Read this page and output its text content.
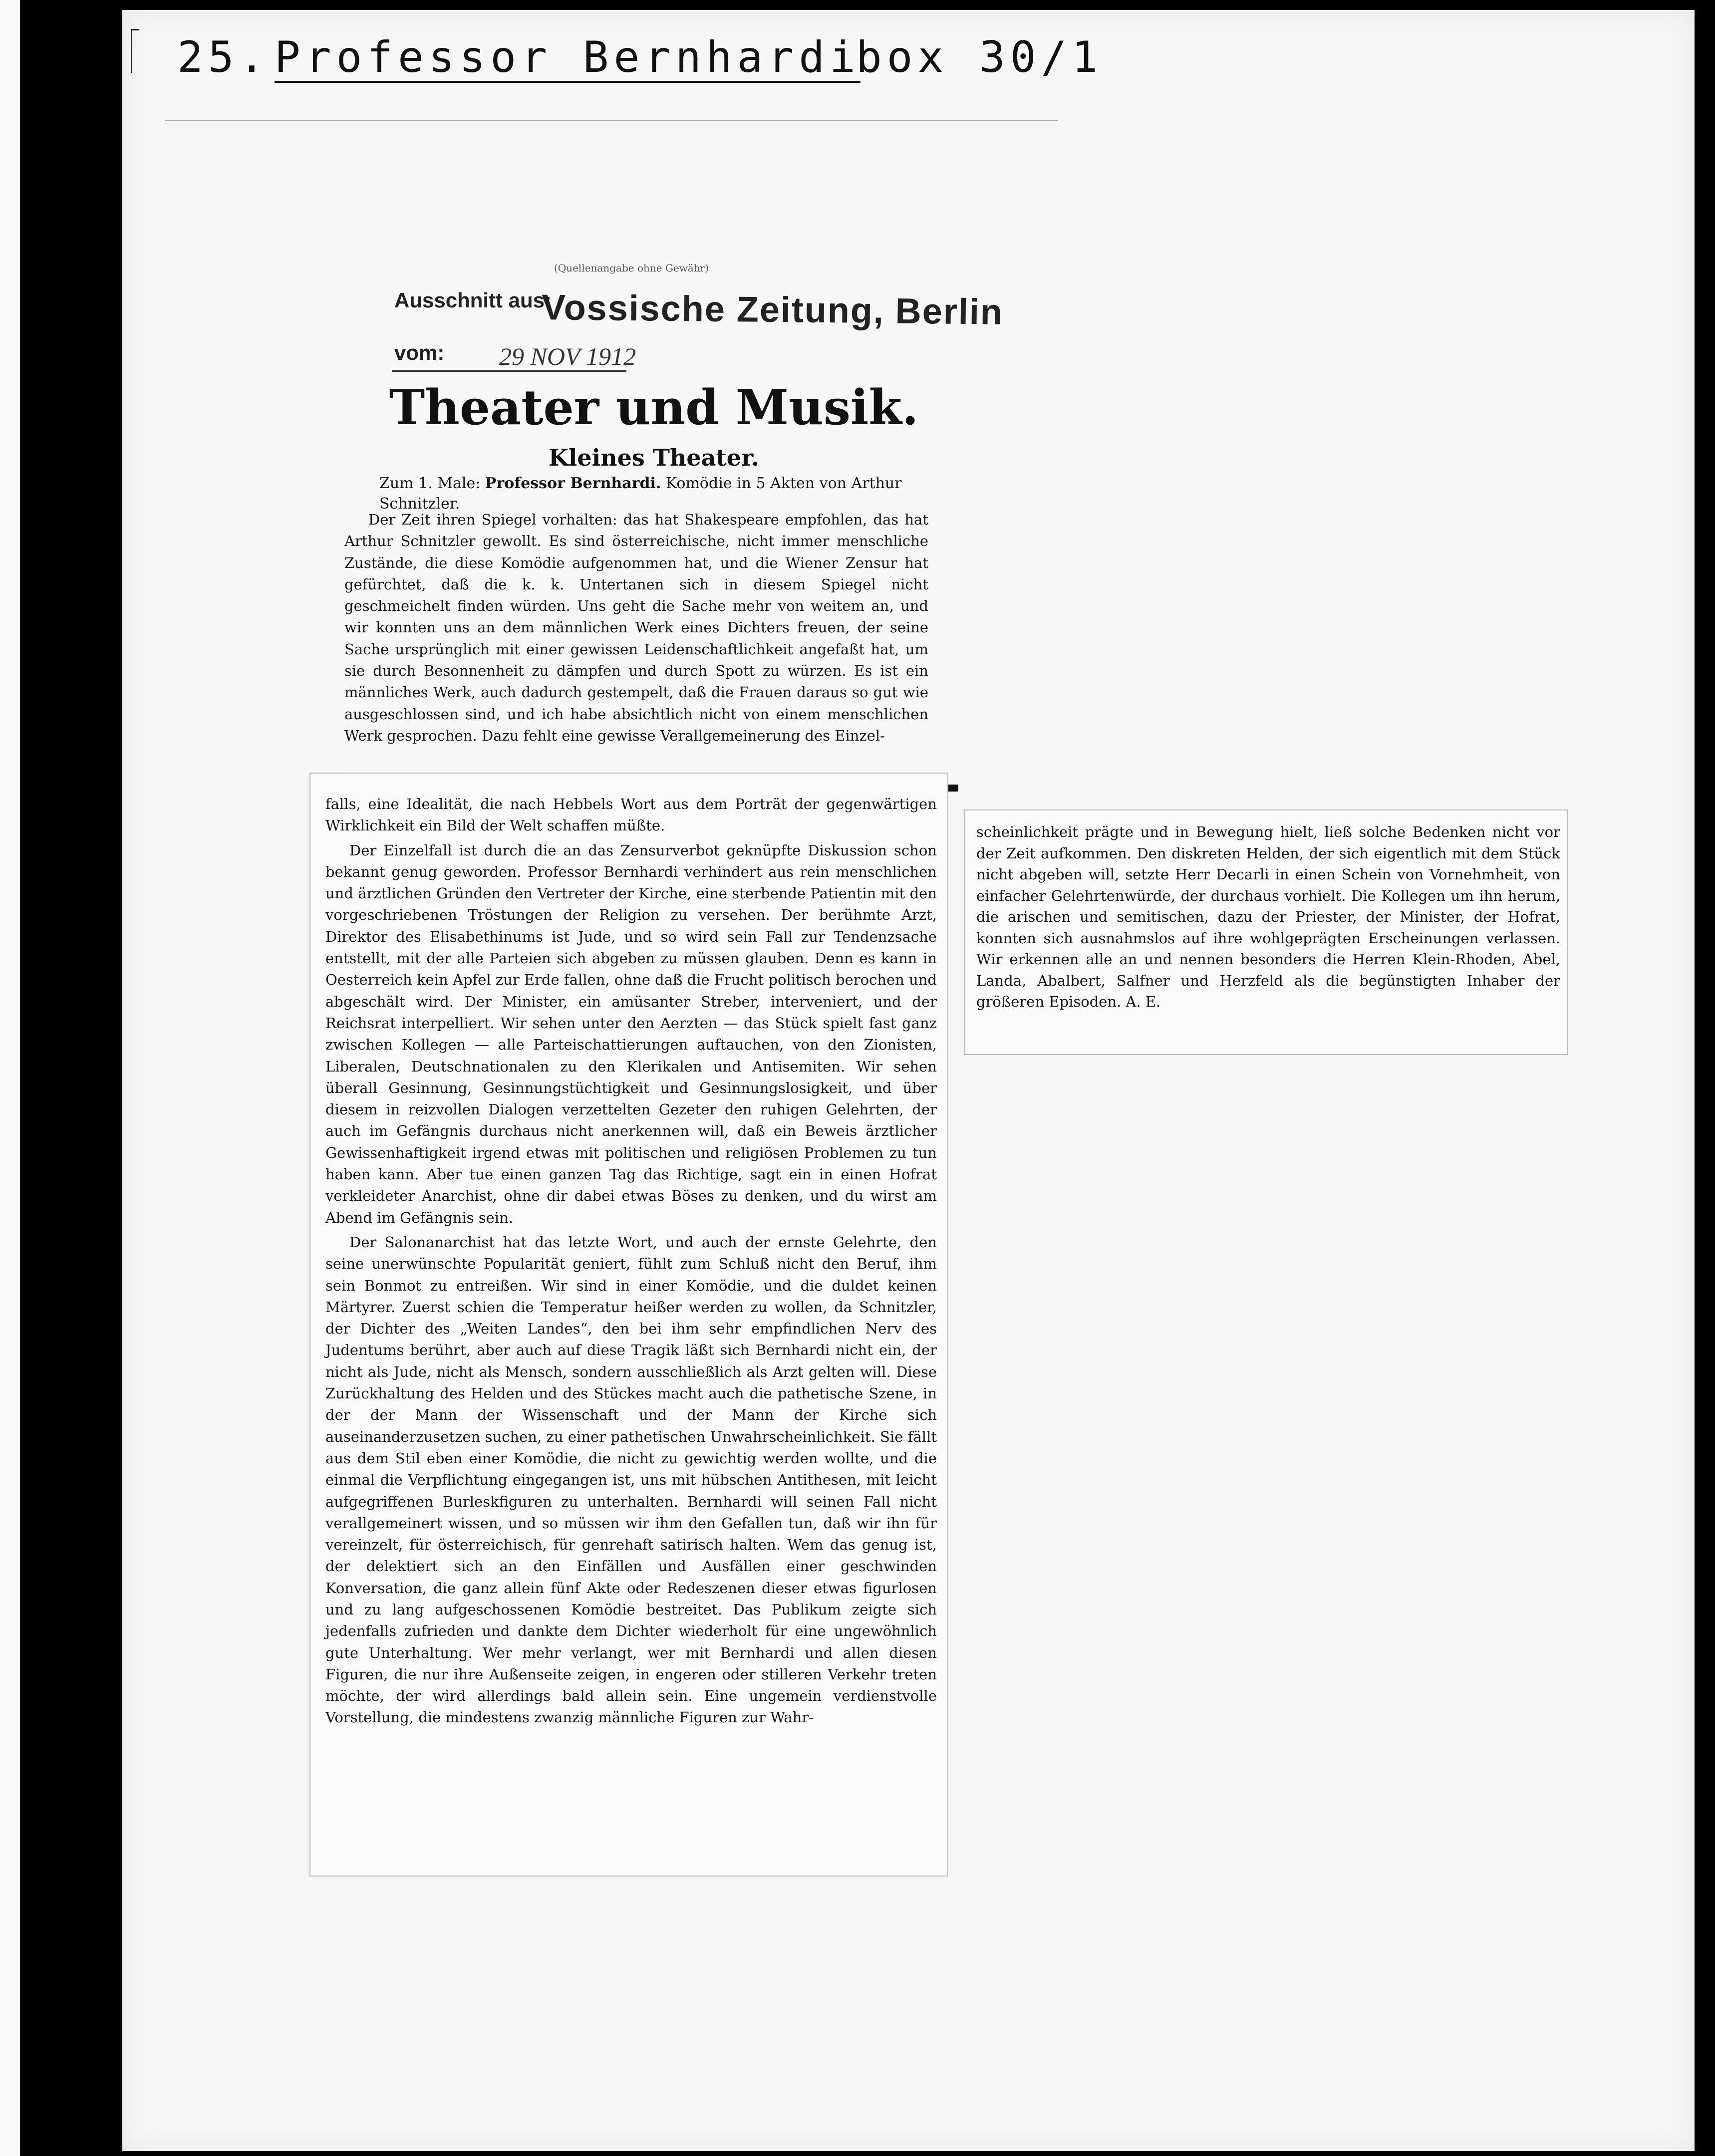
25. Professor Bernhardi
box 30/1
(Quellenangabe ohne Gewähr)
Ausschnitt aus:
Vossische Zeitung, Berlin
vom: 29 NOV 1912
Theater und Musik.
Kleines Theater.
Zum 1. Male: Professor Bernhardi. Komödie in 5 Akten von Arthur Schnitzler.

Der Zeit ihren Spiegel vorhalten: das hat Shakespeare empfohlen, das hat Arthur Schnitzler gewollt. Es sind österreichische, nicht immer menschliche Zustände, die diese Komödie aufgenommen hat, und die Wiener Zensur hat gefürchtet, daß die k. k. Untertanen sich in diesem Spiegel nicht geschmeichelt finden würden. Uns geht die Sache mehr von weitem an, und wir konnten uns an dem männlichen Werk eines Dichters freuen, der seine Sache ursprünglich mit einer gewissen Leidenschaftlichkeit angefaßt hat, um sie durch Besonnenheit zu dämpfen und durch Spott zu würzen. Es ist ein männliches Werk, auch dadurch gestempelt, daß die Frauen daraus so gut wie ausgeschlossen sind, und ich habe absichtlich nicht von einem menschlichen Werk gesprochen. Dazu fehlt eine gewisse Verallgemeinerung des Einzel-

falls, eine Idealität, die nach Hebbels Wort aus dem Porträt der gegenwärtigen Wirklichkeit ein Bild der Welt schaffen müßte.

Der Einzelfall ist durch die an das Zensurverbot geknüpfte Diskussion schon bekannt genug geworden. Professor Bernhardi verhindert aus rein menschlichen und ärztlichen Gründen den Vertreter der Kirche, eine sterbende Patientin mit den vorgeschriebenen Tröstungen der Religion zu versehen. Der berühmte Arzt, Direktor des Elisabethinums ist Jude, und so wird sein Fall zur Tendenzsache entstellt, mit der alle Parteien sich abgeben zu müssen glauben. Denn es kann in Oesterreich kein Apfel zur Erde fallen, ohne daß die Frucht politisch berochen und abgeschält wird. Der Minister, ein amüsanter Streber, interveniert, und der Reichsrat interpelliert. Wir sehen unter den Aerzten — das Stück spielt fast ganz zwischen Kollegen — alle Parteischattierungen auftauchen, von den Zionisten, Liberalen, Deutschnationalen zu den Klerikalen und Antisemiten. Wir sehen überall Gesinnung, Gesinnungstüchtigkeit und Gesinnungslosigkeit, und über diesem in reizvollen Dialogen verzettelten Gezeter den ruhigen Gelehrten, der auch im Gefängnis durchaus nicht anerkennen will, daß ein Beweis ärztlicher Gewissenhaftigkeit irgend etwas mit politischen und religiösen Problemen zu tun haben kann. Aber tue einen ganzen Tag das Richtige, sagt ein in einen Hofrat verkleideter Anarchist, ohne dir dabei etwas Böses zu denken, und du wirst am Abend im Gefängnis sein.

Der Salonanarchist hat das letzte Wort, und auch der ernste Gelehrte, den seine unerwünschte Popularität geniert, fühlt zum Schluß nicht den Beruf, ihm sein Bonmot zu entreißen. Wir sind in einer Komödie, und die duldet keinen Märtyrer. Zuerst schien die Temperatur heißer werden zu wollen, da Schnitzler, der Dichter des „Weiten Landes“, den bei ihm sehr empfindlichen Nerv des Judentums berührt, aber auch auf diese Tragik läßt sich Bernhardi nicht ein, der nicht als Jude, nicht als Mensch, sondern ausschließlich als Arzt gelten will. Diese Zurückhaltung des Helden und des Stückes macht auch die pathetische Szene, in der der Mann der Wissenschaft und der Mann der Kirche sich auseinanderzusetzen suchen, zu einer pathetischen Unwahrscheinlichkeit. Sie fällt aus dem Stil eben einer Komödie, die nicht zu gewichtig werden wollte, und die einmal die Verpflichtung eingegangen ist, uns mit hübschen Antithesen, mit leicht aufgegriffenen Burleskfiguren zu unterhalten. Bernhardi will seinen Fall nicht verallgemeinert wissen, und so müssen wir ihm den Gefallen tun, daß wir ihn für vereinzelt, für österreichisch, für genrehaft satirisch halten. Wem das genug ist, der delektiert sich an den Einfällen und Ausfällen einer geschwinden Konversation, die ganz allein fünf Akte oder Redeszenen dieser etwas figurlosen und zu lang aufgeschossenen Komödie bestreitet. Das Publikum zeigte sich jedenfalls zufrieden und dankte dem Dichter wiederholt für eine ungewöhnlich gute Unterhaltung. Wer mehr verlangt, wer mit Bernhardi und allen diesen Figuren, die nur ihre Außenseite zeigen, in engeren oder stilleren Verkehr treten möchte, der wird allerdings bald allein sein. Eine ungemein verdienstvolle Vorstellung, die mindestens zwanzig männliche Figuren zur Wahr-

scheinlichkeit prägte und in Bewegung hielt, ließ solche Bedenken nicht vor der Zeit aufkommen. Den diskreten Helden, der sich eigentlich mit dem Stück nicht abgeben will, setzte Herr Decarli in einen Schein von Vornehmheit, von einfacher Gelehrtenwürde, der durchaus vorhielt. Die Kollegen um ihn herum, die arischen und semitischen, dazu der Priester, der Minister, der Hofrat, konnten sich ausnahmslos auf ihre wohlgeprägten Erscheinungen verlassen. Wir erkennen alle an und nennen besonders die Herren Klein-Rhoden, Abel, Landa, Abalbert, Salfner und Herzfeld als die begünstigten Inhaber der größeren Episoden. A. E.
